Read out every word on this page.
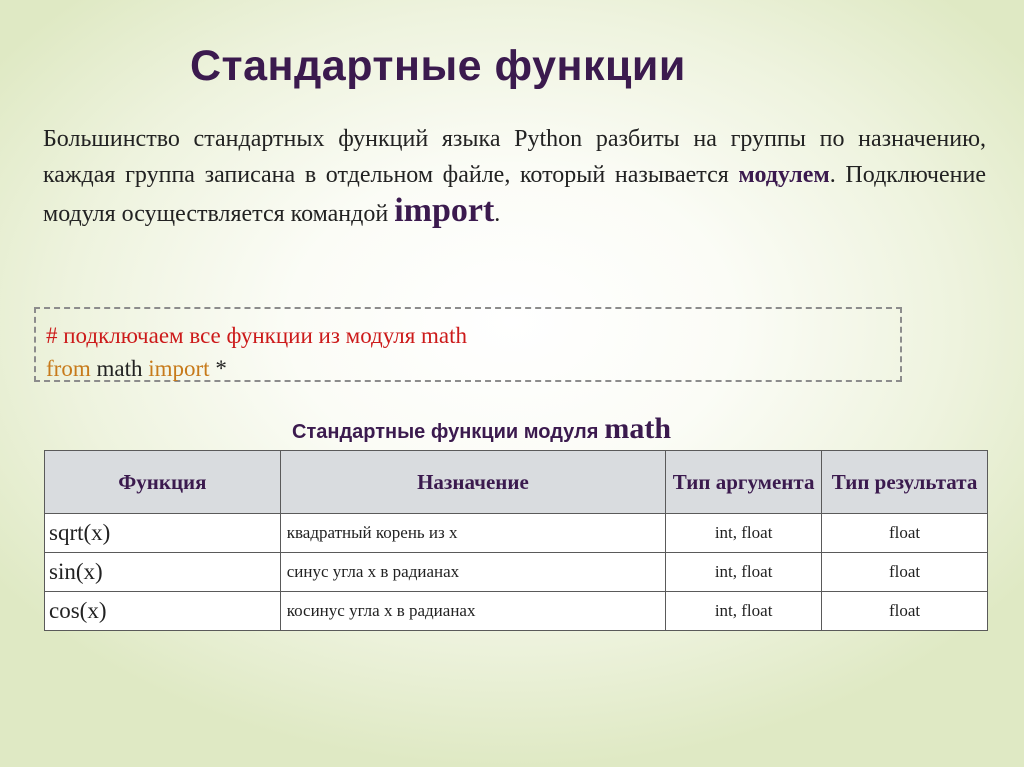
Стандартные функции

Большинство стандартных функций языка Python разбиты на группы по назначению, каждая группа записана в отдельном файле, который называется модулем. Подключение модуля осуществляется командой import.

# подключаем все функции из модуля math
from math import *

Стандартные функции модуля math

Функция	Назначение	Тип аргумента	Тип результата
sqrt(x)	квадратный корень из x	int, float	float
sin(x)	синус угла x в радианах	int, float	float
cos(x)	косинус угла x в радианах	int, float	float
